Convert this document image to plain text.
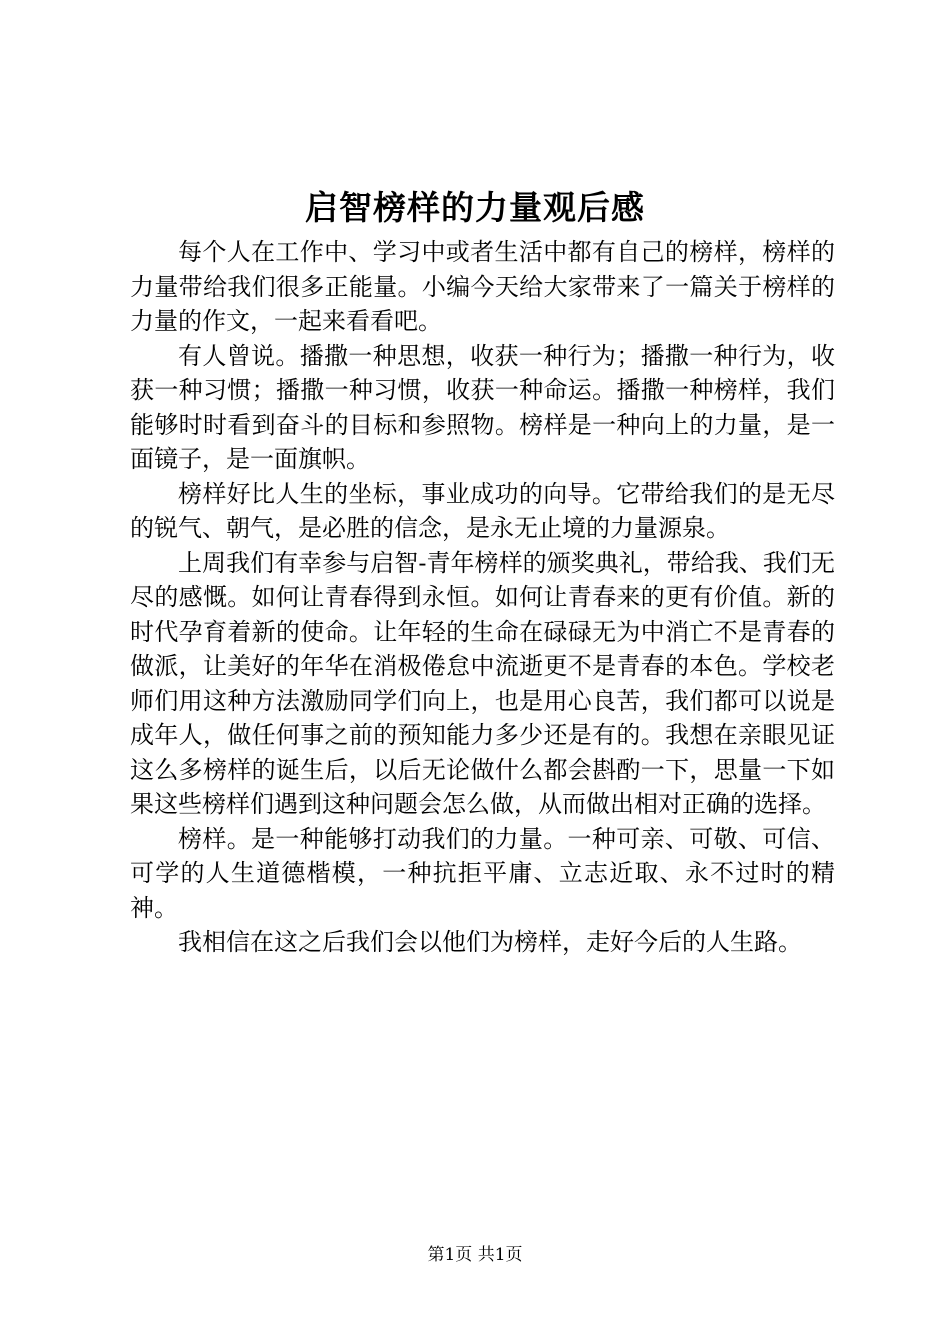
启智榜样的力量观后感

每个人在工作中、学习中或者生活中都有自己的榜样，榜样的力量带给我们很多正能量。小编今天给大家带来了一篇关于榜样的力量的作文，一起来看看吧。

有人曾说。播撒一种思想，收获一种行为；播撒一种行为，收获一种习惯；播撒一种习惯，收获一种命运。播撒一种榜样，我们能够时时看到奋斗的目标和参照物。榜样是一种向上的力量，是一面镜子，是一面旗帜。

榜样好比人生的坐标，事业成功的向导。它带给我们的是无尽的锐气、朝气，是必胜的信念，是永无止境的力量源泉。

上周我们有幸参与启智-青年榜样的颁奖典礼，带给我、我们无尽的感慨。如何让青春得到永恒。如何让青春来的更有价值。新的时代孕育着新的使命。让年轻的生命在碌碌无为中消亡不是青春的做派，让美好的年华在消极倦怠中流逝更不是青春的本色。学校老师们用这种方法激励同学们向上，也是用心良苦，我们都可以说是成年人，做任何事之前的预知能力多少还是有的。我想在亲眼见证这么多榜样的诞生后，以后无论做什么都会斟酌一下，思量一下如果这些榜样们遇到这种问题会怎么做，从而做出相对正确的选择。

榜样。是一种能够打动我们的力量。一种可亲、可敬、可信、可学的人生道德楷模，一种抗拒平庸、立志近取、永不过时的精神。

我相信在这之后我们会以他们为榜样，走好今后的人生路。

第1页 共1页
